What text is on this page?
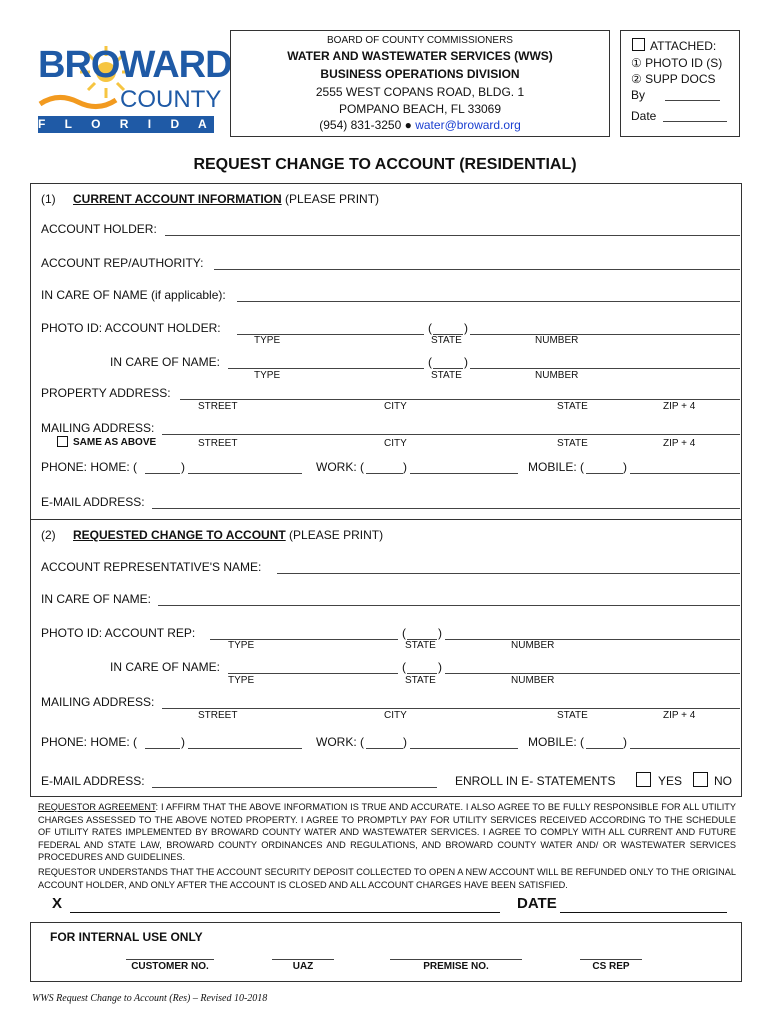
BROWARD
COUNTY
F L O R I D A
BOARD OF COUNTY COMMISSIONERS
WATER AND WASTEWATER SERVICES (WWS)
BUSINESS OPERATIONS DIVISION
2555 WEST COPANS ROAD, BLDG. 1
POMPANO BEACH, FL 33069
(954) 831-3250 ● water@broward.org
ATTACHED:
① PHOTO ID (S)
② SUPP DOCS
By
Date
REQUEST CHANGE TO ACCOUNT (RESIDENTIAL)
(1) CURRENT ACCOUNT INFORMATION (PLEASE PRINT)
ACCOUNT HOLDER:
ACCOUNT REP/AUTHORITY:
IN CARE OF NAME (if applicable):
PHOTO ID: ACCOUNT HOLDER:	(	)
TYPE	STATE	NUMBER
IN CARE OF NAME:	(	)
TYPE	STATE	NUMBER
PROPERTY ADDRESS:
STREET	CITY	STATE	ZIP + 4
MAILING ADDRESS:
SAME AS ABOVE	STREET	CITY	STATE	ZIP + 4
PHONE: HOME: (	)	WORK: (	)	MOBILE: (	)
E-MAIL ADDRESS:
(2) REQUESTED CHANGE TO ACCOUNT (PLEASE PRINT)
ACCOUNT REPRESENTATIVE'S NAME:
IN CARE OF NAME:
PHOTO ID: ACCOUNT REP:	(	)
TYPE	STATE	NUMBER
IN CARE OF NAME:	(	)
TYPE	STATE	NUMBER
MAILING ADDRESS:
STREET	CITY	STATE	ZIP + 4
PHONE: HOME: (	)	WORK: (	)	MOBILE: (	)
E-MAIL ADDRESS:	ENROLL IN E- STATEMENTS	YES	NO
REQUESTOR AGREEMENT: I AFFIRM THAT THE ABOVE INFORMATION IS TRUE AND ACCURATE. I ALSO AGREE TO BE FULLY RESPONSIBLE FOR ALL UTILITY CHARGES ASSESSED TO THE ABOVE NOTED PROPERTY. I AGREE TO PROMPTLY PAY FOR UTILITY SERVICES RECEIVED ACCORDING TO THE SCHEDULE OF UTILITY RATES IMPLEMENTED BY BROWARD COUNTY WATER AND WASTEWATER SERVICES. I AGREE TO COMPLY WITH ALL CURRENT AND FUTURE FEDERAL AND STATE LAW, BROWARD COUNTY ORDINANCES AND REGULATIONS, AND BROWARD COUNTY WATER AND/ OR WASTEWATER SERVICES PROCEDURES AND GUIDELINES.
REQUESTOR UNDERSTANDS THAT THE ACCOUNT SECURITY DEPOSIT COLLECTED TO OPEN A NEW ACCOUNT WILL BE REFUNDED ONLY TO THE ORIGINAL ACCOUNT HOLDER, AND ONLY AFTER THE ACCOUNT IS CLOSED AND ALL ACCOUNT CHARGES HAVE BEEN SATISFIED.
X	DATE
FOR INTERNAL USE ONLY
CUSTOMER NO.	UAZ	PREMISE NO.	CS REP
WWS Request Change to Account (Res) – Revised 10-2018
